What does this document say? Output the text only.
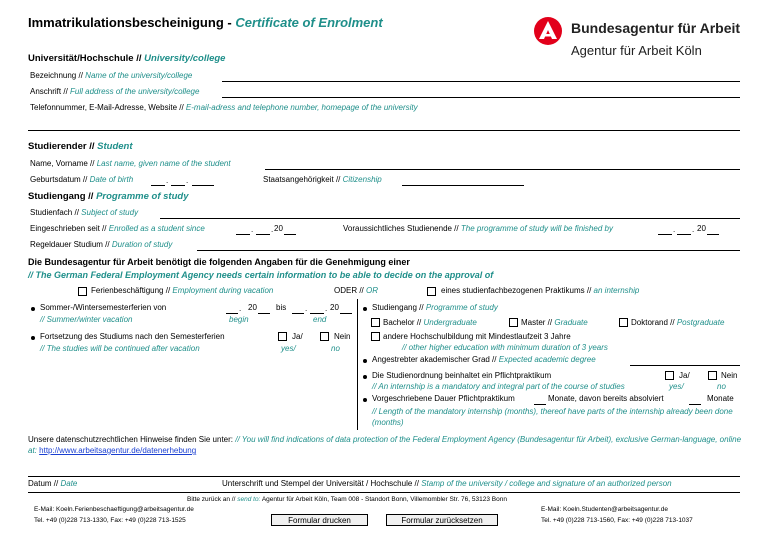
Immatrikulationsbescheinigung - Certificate of Enrolment	Bundesagentur für Arbeit
Agentur für Arbeit Köln
Universität/Hochschule // University/college
Bezeichnung // Name of the university/college
Anschrift // Full address of the university/college
Telefonnummer, E-Mail-Adresse, Website // E-mail-adress and telephone number, homepage of the university
Studierender // Student
Name, Vorname // Last name, given name of the student
Geburtsdatum // Date of birth	. .	Staatsangehörigkeit // Citizenship
Studiengang // Programme of study
Studienfach // Subject of study
Eingeschrieben seit // Enrolled as a student since	. . 20	Voraussichtliches Studienende // The programme of study will be finished by	. . 20
Regeldauer Studium // Duration of study
Die Bundesagentur für Arbeit benötigt die folgenden Angaben für die Genehmigung einer
// The German Federal Employment Agency needs certain information to be able to decide on the approval of
Ferienbeschäftigung // Employment during vacation	ODER // OR	eines studienfachbezogenen Praktikums // an internship
Sommer-/Wintersemesterferien von
// Summer/winter vacation
. 20 bis . . 20
begin	end
Fortsetzung des Studiums nach den Semesterferien
// The studies will be continued after vacation
Ja/
yes/
Nein
no
Studiengang // Programme of study
Bachelor // Undergraduate	Master // Graduate	Doktorand // Postgraduate
andere Hochschulbildung mit Mindestlaufzeit 3 Jahre
// other higher education with minimum duration of 3 years
Angestrebter akademischer Grad // Expected academic degree
Die Studienordnung beinhaltet ein Pflichtpraktikum
// An internship is a mandatory and integral part of the course of studies
Ja/
yes/
Nein
no
Vorgeschriebene Dauer Pflichtpraktikum	Monate, davon bereits absolviert	Monate
// Length of the mandatory internship (months), thereof have parts of the internship already been done (months)
Unsere datenschutzrechtlichen Hinweise finden Sie unter: // You will find indications of data protection of the Federal Employment Agency (Bundesagentur für Arbeit), exclusive German-language, online at: http://www.arbeitsagentur.de/datenerhebung
Datum // Date	Unterschrift und Stempel der Universität / Hochschule // Stamp of the university / college and signature of an authorized person
Bitte zurück an // send to: Agentur für Arbeit Köln, Team 008 - Standort Bonn, Villemombler Str. 76, 53123 Bonn
E-Mail: Koeln.Ferienbeschaeftigung@arbeitsagentur.de
Tel. +49 (0)228 713-1330, Fax: +49 (0)228 713-1525
E-Mail: Koeln.Studenten@arbeitsagentur.de
Tel. +49 (0)228 713-1560, Fax: +49 (0)228 713-1037
Formular drucken	Formular zurücksetzen
